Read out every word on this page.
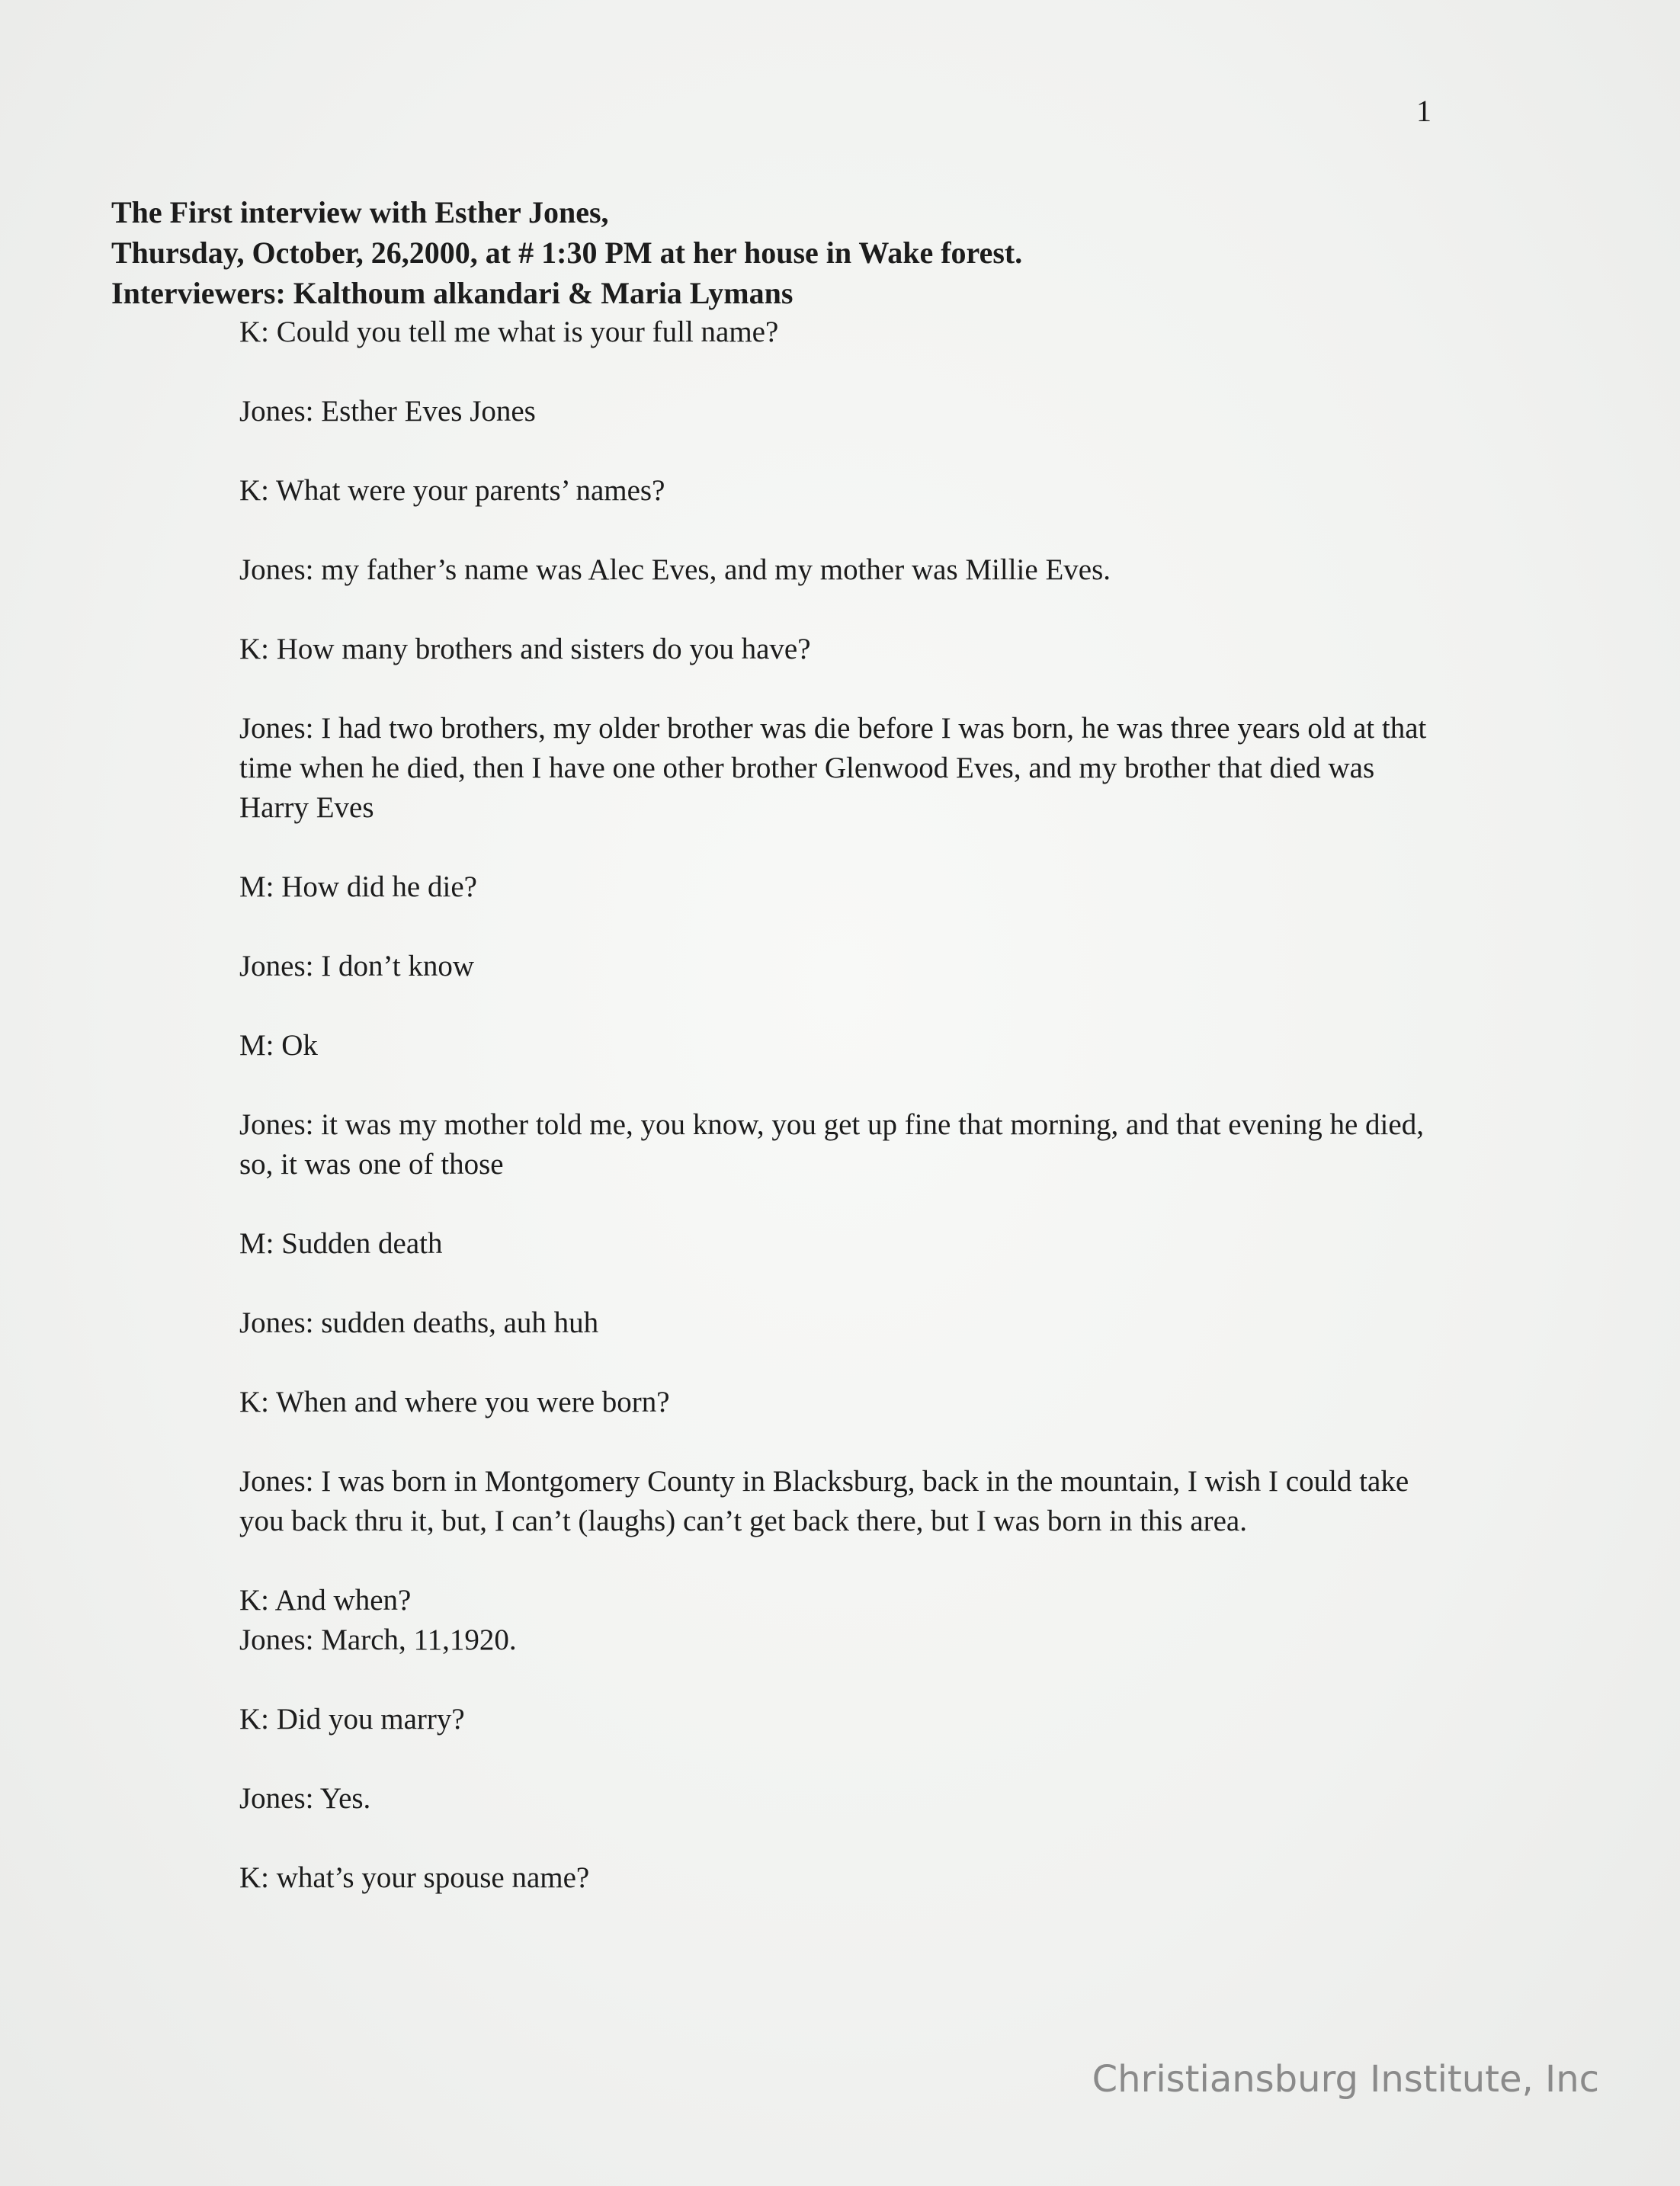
1
The First interview with Esther Jones,
Thursday, October, 26,2000, at # 1:30 PM at her house in Wake forest.
Interviewers: Kalthoum alkandari & Maria Lymans

K: Could you tell me what is your full name?

Jones: Esther Eves Jones

K: What were your parents’ names?

Jones: my father’s name was Alec Eves, and my mother was Millie Eves.

K: How many brothers and sisters do you have?

Jones: I had two brothers, my older brother was die before I was born, he was three years old at that time when he died, then I have one other brother Glenwood Eves, and my brother that died was Harry Eves

M: How did he die?

Jones: I don’t know

M: Ok

Jones: it was my mother told me, you know, you get up fine that morning, and that evening he died, so, it was one of those

M: Sudden death

Jones: sudden deaths, auh huh

K: When and where you were born?

Jones: I was born in Montgomery County in Blacksburg, back in the mountain, I wish I could take you back thru it, but, I can’t (laughs) can’t get back there, but I was born in this area.

K: And when?

Jones: March, 11,1920.

K: Did you marry?

Jones: Yes.

K: what’s your spouse name?

Christiansburg Institute, Inc
